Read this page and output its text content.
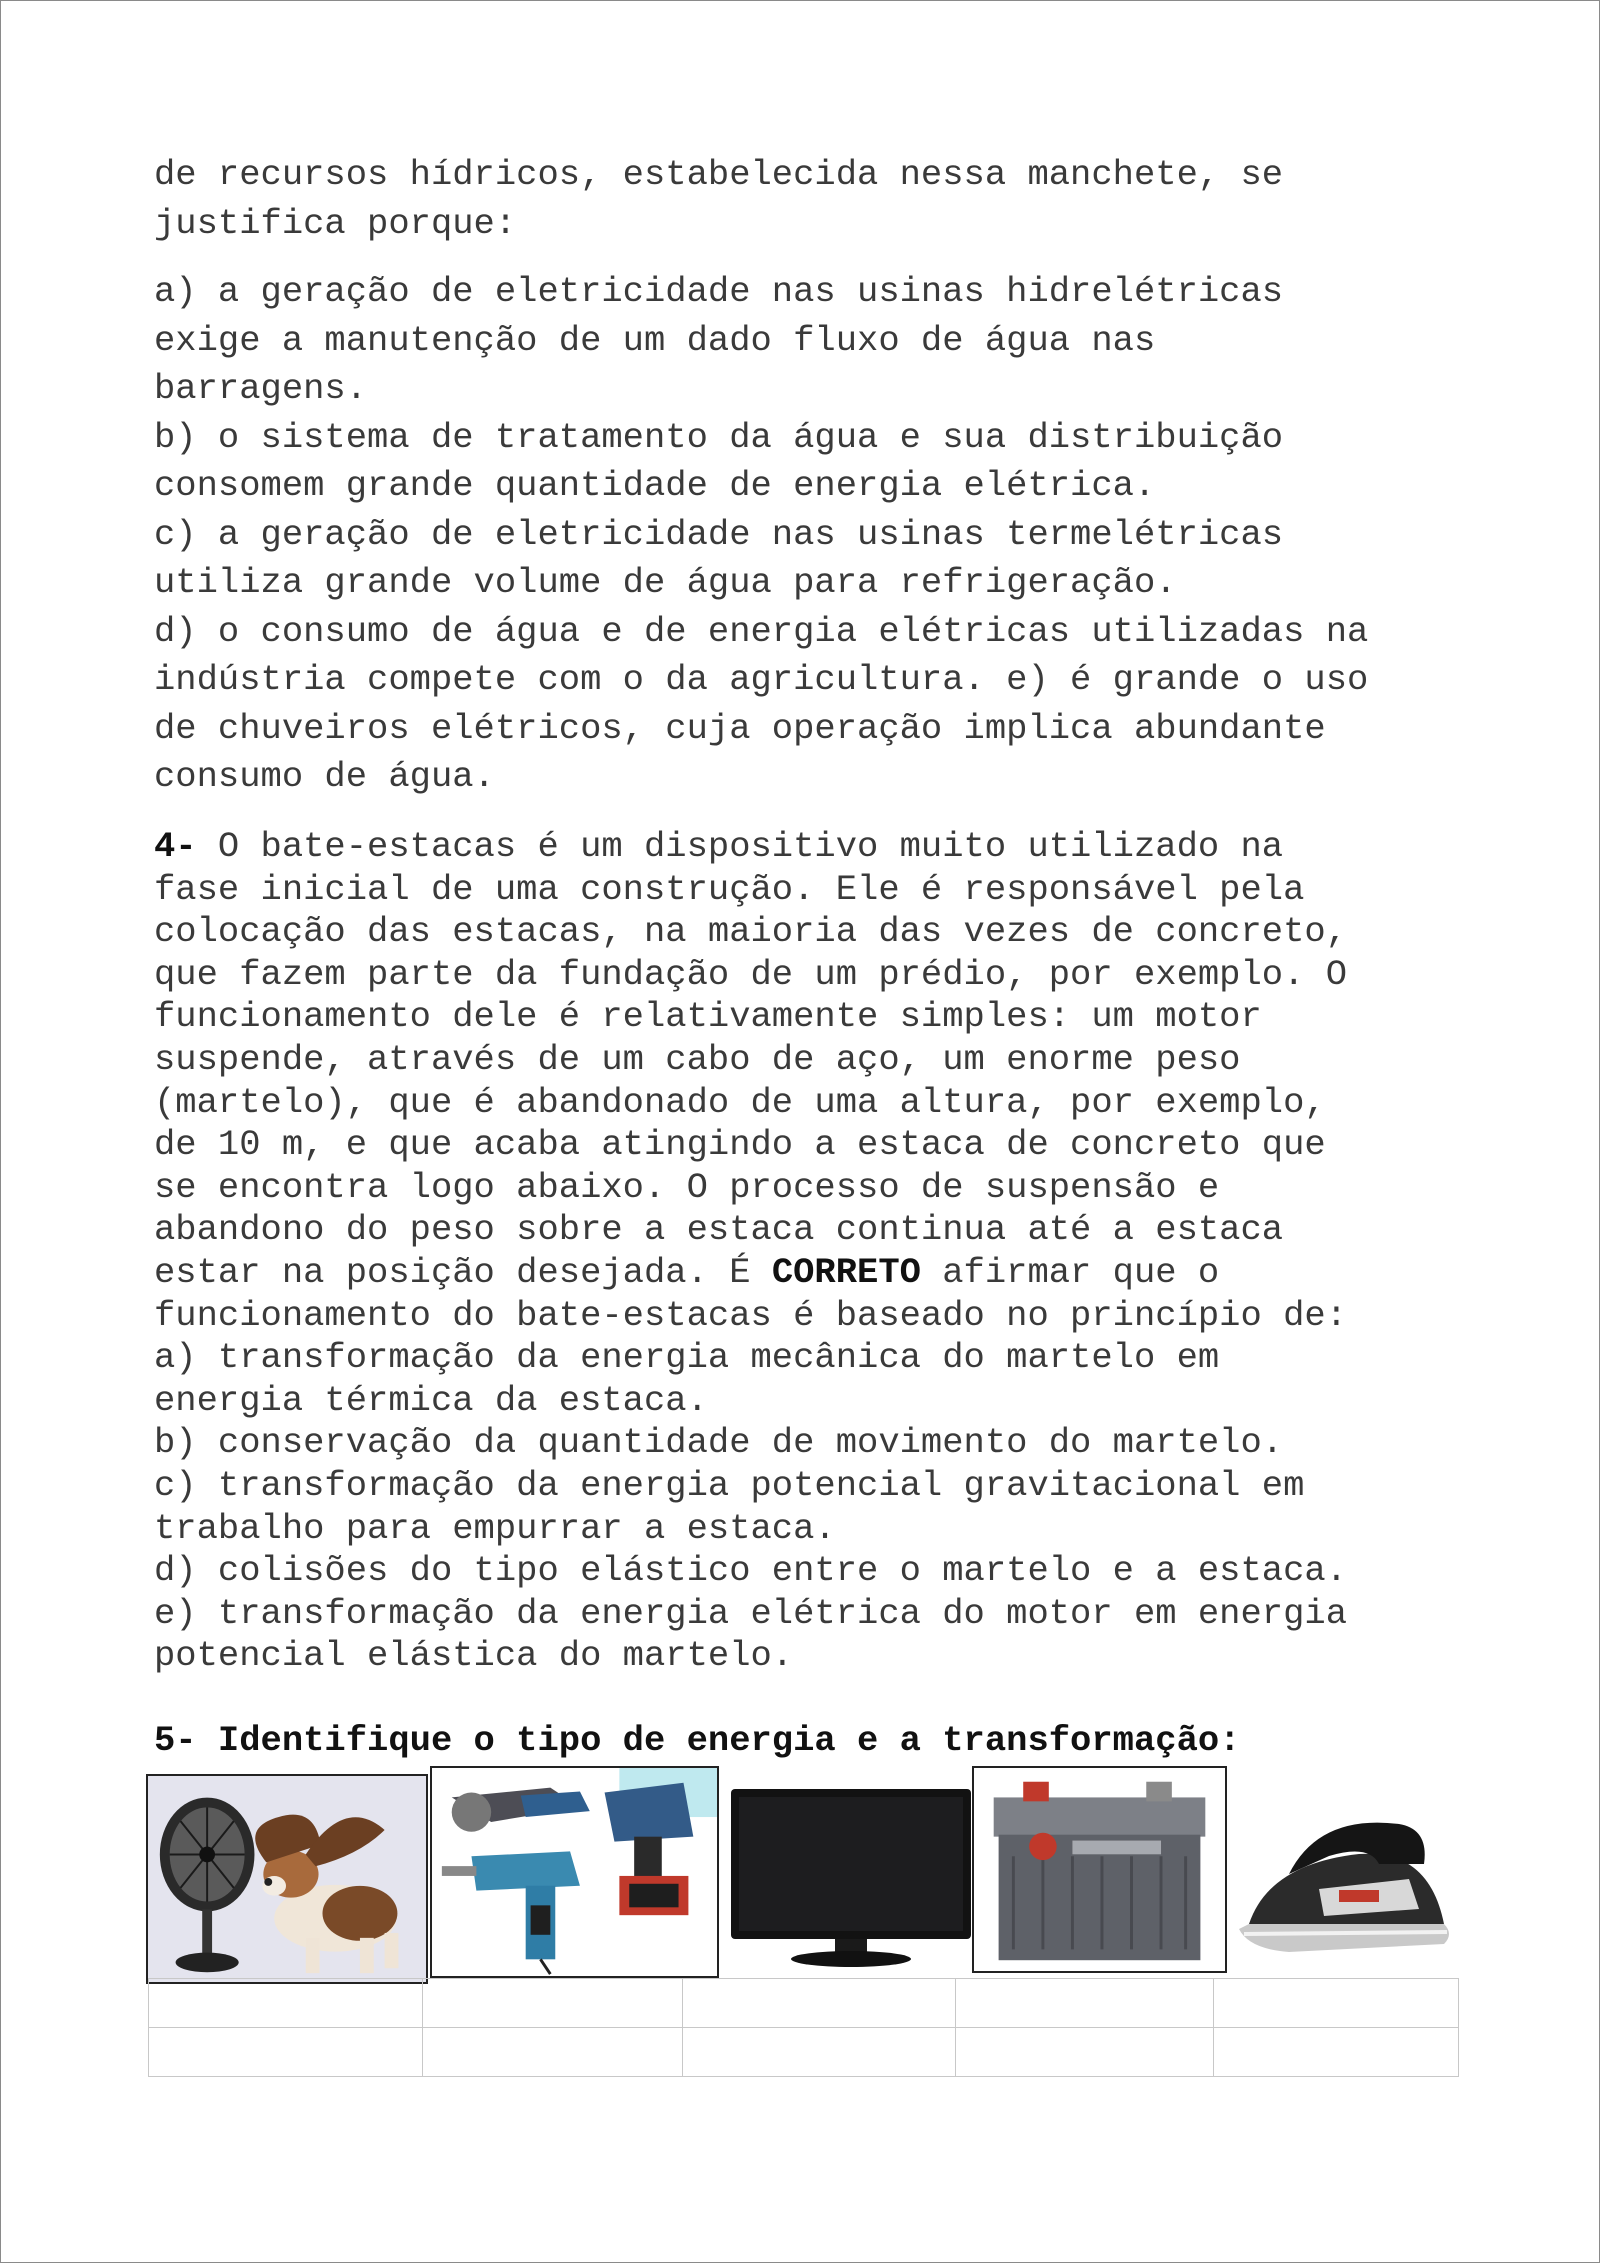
de recursos hídricos, estabelecida nessa manchete, se

justifica porque:

a) a geração de eletricidade nas usinas hidrelétricas

exige a manutenção de um dado fluxo de água nas

barragens.

b) o sistema de tratamento da água e sua distribuição

consomem grande quantidade de energia elétrica.

c) a geração de eletricidade nas usinas termelétricas

utiliza grande volume de água para refrigeração.

d) o consumo de água e de energia elétricas utilizadas na

indústria compete com o da agricultura. e) é grande o uso

de chuveiros elétricos, cuja operação implica abundante

consumo de água.

4- O bate-estacas é um dispositivo muito utilizado na

fase inicial de uma construção. Ele é responsável pela

colocação das estacas, na maioria das vezes de concreto,

que fazem parte da fundação de um prédio, por exemplo. O

funcionamento dele é relativamente simples: um motor

suspende, através de um cabo de aço, um enorme peso

(martelo), que é abandonado de uma altura, por exemplo,

de 10 m, e que acaba atingindo a estaca de concreto que

se encontra logo abaixo. O processo de suspensão e

abandono do peso sobre a estaca continua até a estaca

estar na posição desejada. É CORRETO afirmar que o

funcionamento do bate-estacas é baseado no princípio de:

a) transformação da energia mecânica do martelo em

energia térmica da estaca.

b) conservação da quantidade de movimento do martelo.

c) transformação da energia potencial gravitacional em

trabalho para empurrar a estaca.

d) colisões do tipo elástico entre o martelo e a estaca.

e) transformação da energia elétrica do motor em energia

potencial elástica do martelo.

5- Identifique o tipo de energia e a transformação:
